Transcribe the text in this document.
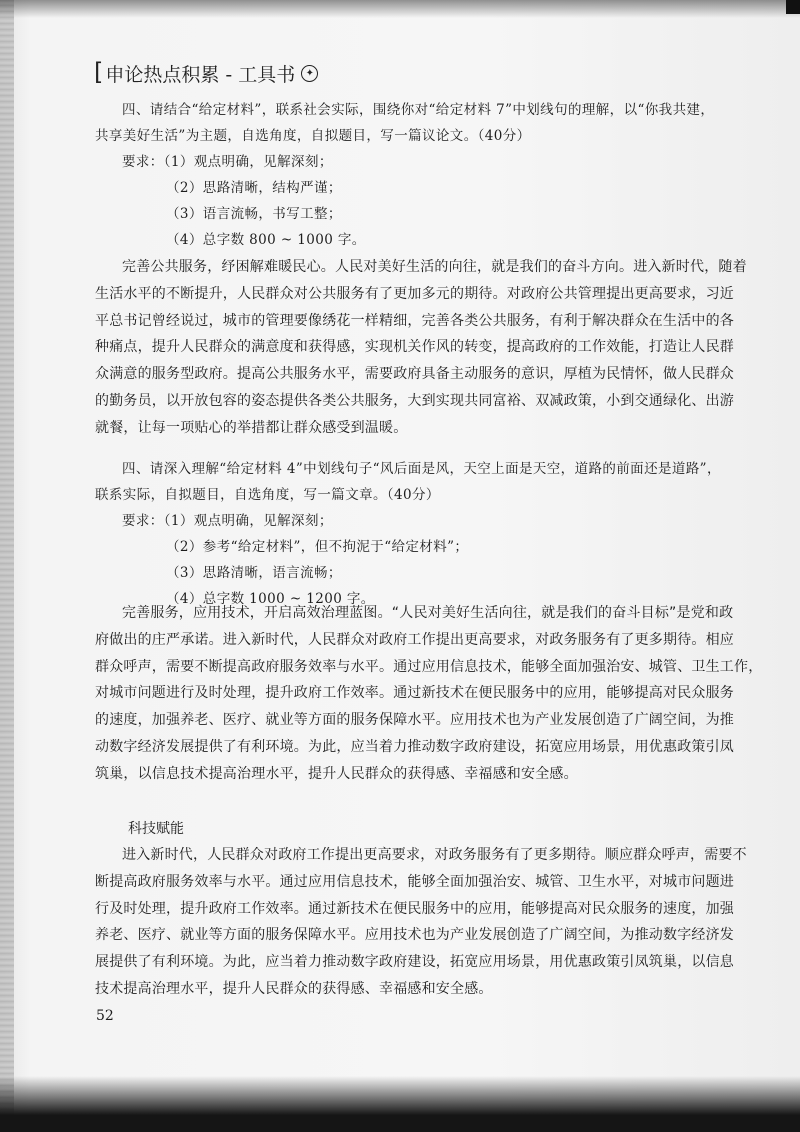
[ 申论热点积累 - 工具书	✦
四、请结合“给定材料”，联系社会实际，围绕你对“给定材料 7”中划线句的理解，以“你我共建，
共享美好生活”为主题，自选角度，自拟题目，写一篇议论文。（40分）
要求：（1）观点明确，见解深刻；
（2）思路清晰，结构严谨；
（3）语言流畅，书写工整；
（4）总字数 800 ~ 1000 字。
完善公共服务，纾困解难暖民心。人民对美好生活的向往，就是我们的奋斗方向。进入新时代，随着
生活水平的不断提升，人民群众对公共服务有了更加多元的期待。对政府公共管理提出更高要求，习近
平总书记曾经说过，城市的管理要像绣花一样精细，完善各类公共服务，有利于解决群众在生活中的各
种痛点，提升人民群众的满意度和获得感，实现机关作风的转变，提高政府的工作效能，打造让人民群
众满意的服务型政府。提高公共服务水平，需要政府具备主动服务的意识，厚植为民情怀，做人民群众
的勤务员，以开放包容的姿态提供各类公共服务，大到实现共同富裕、双减政策，小到交通绿化、出游
就餐，让每一项贴心的举措都让群众感受到温暖。
四、请深入理解“给定材料 4”中划线句子“风后面是风，天空上面是天空，道路的前面还是道路”，
联系实际，自拟题目，自选角度，写一篇文章。（40分）
要求：（1）观点明确，见解深刻；
（2）参考“给定材料”，但不拘泥于“给定材料”；
（3）思路清晰，语言流畅；
（4）总字数 1000 ~ 1200 字。
完善服务，应用技术，开启高效治理蓝图。“人民对美好生活向往，就是我们的奋斗目标”是党和政
府做出的庄严承诺。进入新时代，人民群众对政府工作提出更高要求，对政务服务有了更多期待。相应
群众呼声，需要不断提高政府服务效率与水平。通过应用信息技术，能够全面加强治安、城管、卫生工作，
对城市问题进行及时处理，提升政府工作效率。通过新技术在便民服务中的应用，能够提高对民众服务
的速度，加强养老、医疗、就业等方面的服务保障水平。应用技术也为产业发展创造了广阔空间，为推
动数字经济发展提供了有利环境。为此，应当着力推动数字政府建设，拓宽应用场景，用优惠政策引凤
筑巢，以信息技术提高治理水平，提升人民群众的获得感、幸福感和安全感。
科技赋能
进入新时代，人民群众对政府工作提出更高要求，对政务服务有了更多期待。顺应群众呼声，需要不
断提高政府服务效率与水平。通过应用信息技术，能够全面加强治安、城管、卫生水平，对城市问题进
行及时处理，提升政府工作效率。通过新技术在便民服务中的应用，能够提高对民众服务的速度，加强
养老、医疗、就业等方面的服务保障水平。应用技术也为产业发展创造了广阔空间，为推动数字经济发
展提供了有利环境。为此，应当着力推动数字政府建设，拓宽应用场景，用优惠政策引凤筑巢，以信息
技术提高治理水平，提升人民群众的获得感、幸福感和安全感。
52
